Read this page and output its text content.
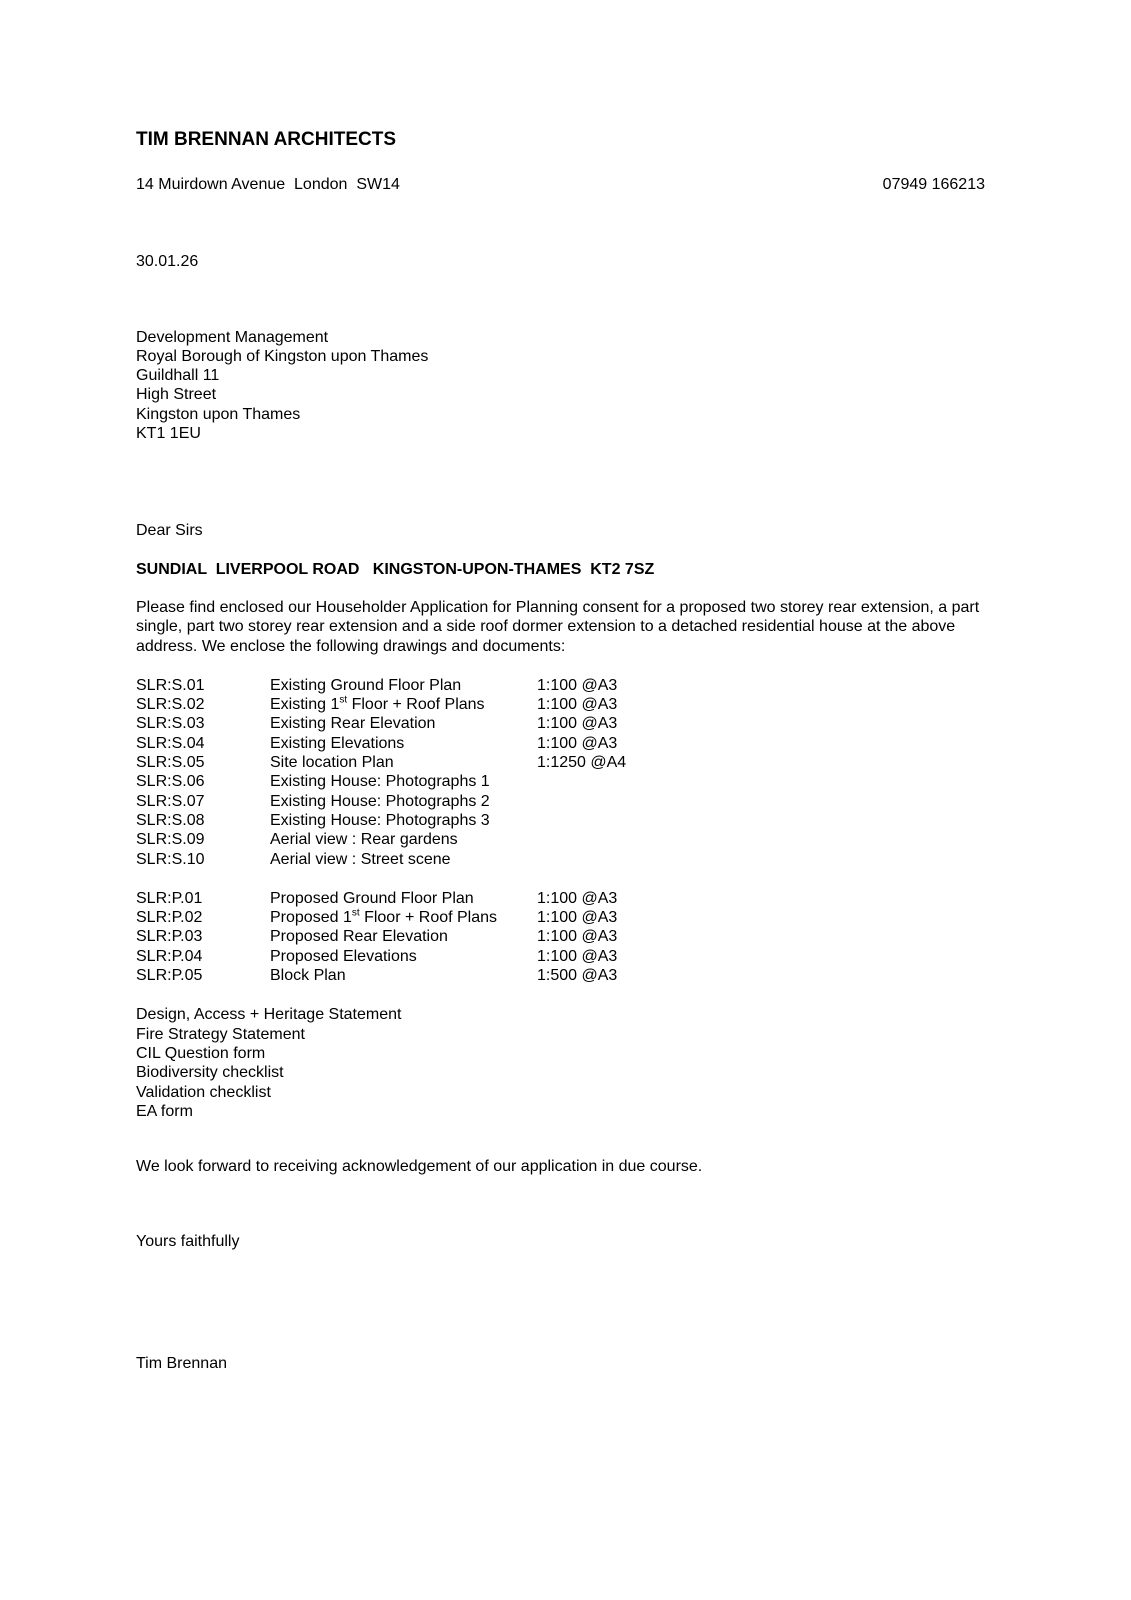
TIM BRENNAN ARCHITECTS
14 Muirdown Avenue  London  SW14	07949 166213
30.01.26
Development Management
Royal Borough of Kingston upon Thames
Guildhall 11
High Street
Kingston upon Thames
KT1 1EU
Dear Sirs
SUNDIAL  LIVERPOOL ROAD   KINGSTON-UPON-THAMES  KT2 7SZ
Please find enclosed our Householder Application for Planning consent for a proposed two storey rear extension, a part single, part two storey rear extension and a side roof dormer extension to a detached residential house at the above address. We enclose the following drawings and documents:
SLR:S.01	Existing Ground Floor Plan	1:100 @A3
SLR:S.02	Existing 1st Floor + Roof Plans	1:100 @A3
SLR:S.03	Existing Rear Elevation	1:100 @A3
SLR:S.04	Existing Elevations	1:100 @A3
SLR:S.05	Site location Plan	1:1250 @A4
SLR:S.06	Existing House: Photographs 1
SLR:S.07	Existing House: Photographs 2
SLR:S.08	Existing House: Photographs 3
SLR:S.09	Aerial view : Rear gardens
SLR:S.10	Aerial view : Street scene
SLR:P.01	Proposed Ground Floor Plan	1:100 @A3
SLR:P.02	Proposed 1st Floor + Roof Plans	1:100 @A3
SLR:P.03	Proposed Rear Elevation	1:100 @A3
SLR:P.04	Proposed Elevations	1:100 @A3
SLR:P.05	Block Plan	1:500 @A3
Design, Access + Heritage Statement
Fire Strategy Statement
CIL Question form
Biodiversity checklist
Validation checklist
EA form
We look forward to receiving acknowledgement of our application in due course.
Yours faithfully
Tim Brennan
